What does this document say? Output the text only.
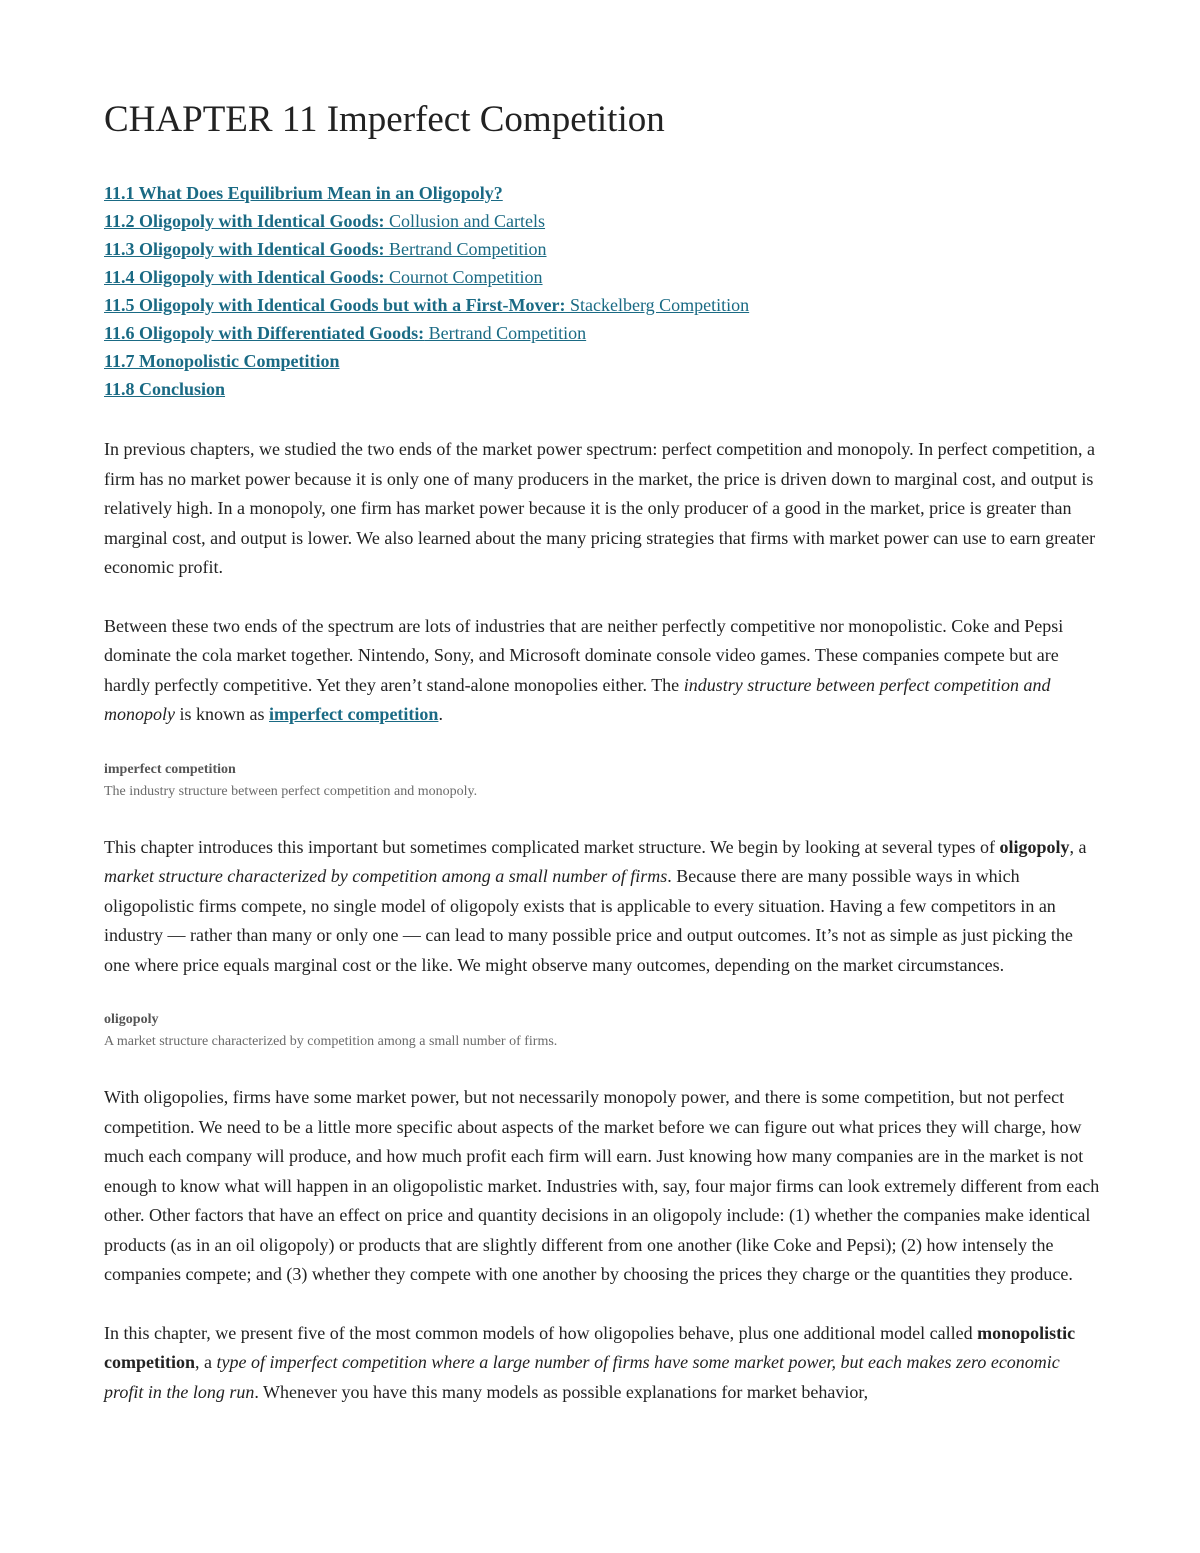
CHAPTER 11 Imperfect Competition
11.1 What Does Equilibrium Mean in an Oligopoly?
11.2 Oligopoly with Identical Goods: Collusion and Cartels
11.3 Oligopoly with Identical Goods: Bertrand Competition
11.4 Oligopoly with Identical Goods: Cournot Competition
11.5 Oligopoly with Identical Goods but with a First-Mover: Stackelberg Competition
11.6 Oligopoly with Differentiated Goods: Bertrand Competition
11.7 Monopolistic Competition
11.8 Conclusion

In previous chapters, we studied the two ends of the market power spectrum: perfect competition and monopoly. In perfect competition, a firm has no market power because it is only one of many producers in the market, the price is driven down to marginal cost, and output is relatively high. In a monopoly, one firm has market power because it is the only producer of a good in the market, price is greater than marginal cost, and output is lower. We also learned about the many pricing strategies that firms with market power can use to earn greater economic profit.

Between these two ends of the spectrum are lots of industries that are neither perfectly competitive nor monopolistic. Coke and Pepsi dominate the cola market together. Nintendo, Sony, and Microsoft dominate console video games. These companies compete but are hardly perfectly competitive. Yet they aren’t stand-alone monopolies either. The industry structure between perfect competition and monopoly is known as imperfect competition.

imperfect competition
The industry structure between perfect competition and monopoly.

This chapter introduces this important but sometimes complicated market structure. We begin by looking at several types of oligopoly, a market structure characterized by competition among a small number of firms. Because there are many possible ways in which oligopolistic firms compete, no single model of oligopoly exists that is applicable to every situation. Having a few competitors in an industry — rather than many or only one — can lead to many possible price and output outcomes. It’s not as simple as just picking the one where price equals marginal cost or the like. We might observe many outcomes, depending on the market circumstances.

oligopoly
A market structure characterized by competition among a small number of firms.

With oligopolies, firms have some market power, but not necessarily monopoly power, and there is some competition, but not perfect competition. We need to be a little more specific about aspects of the market before we can figure out what prices they will charge, how much each company will produce, and how much profit each firm will earn. Just knowing how many companies are in the market is not enough to know what will happen in an oligopolistic market. Industries with, say, four major firms can look extremely different from each other. Other factors that have an effect on price and quantity decisions in an oligopoly include: (1) whether the companies make identical products (as in an oil oligopoly) or products that are slightly different from one another (like Coke and Pepsi); (2) how intensely the companies compete; and (3) whether they compete with one another by choosing the prices they charge or the quantities they produce.

In this chapter, we present five of the most common models of how oligopolies behave, plus one additional model called monopolistic competition, a type of imperfect competition where a large number of firms have some market power, but each makes zero economic profit in the long run. Whenever you have this many models as possible explanations for market behavior,
